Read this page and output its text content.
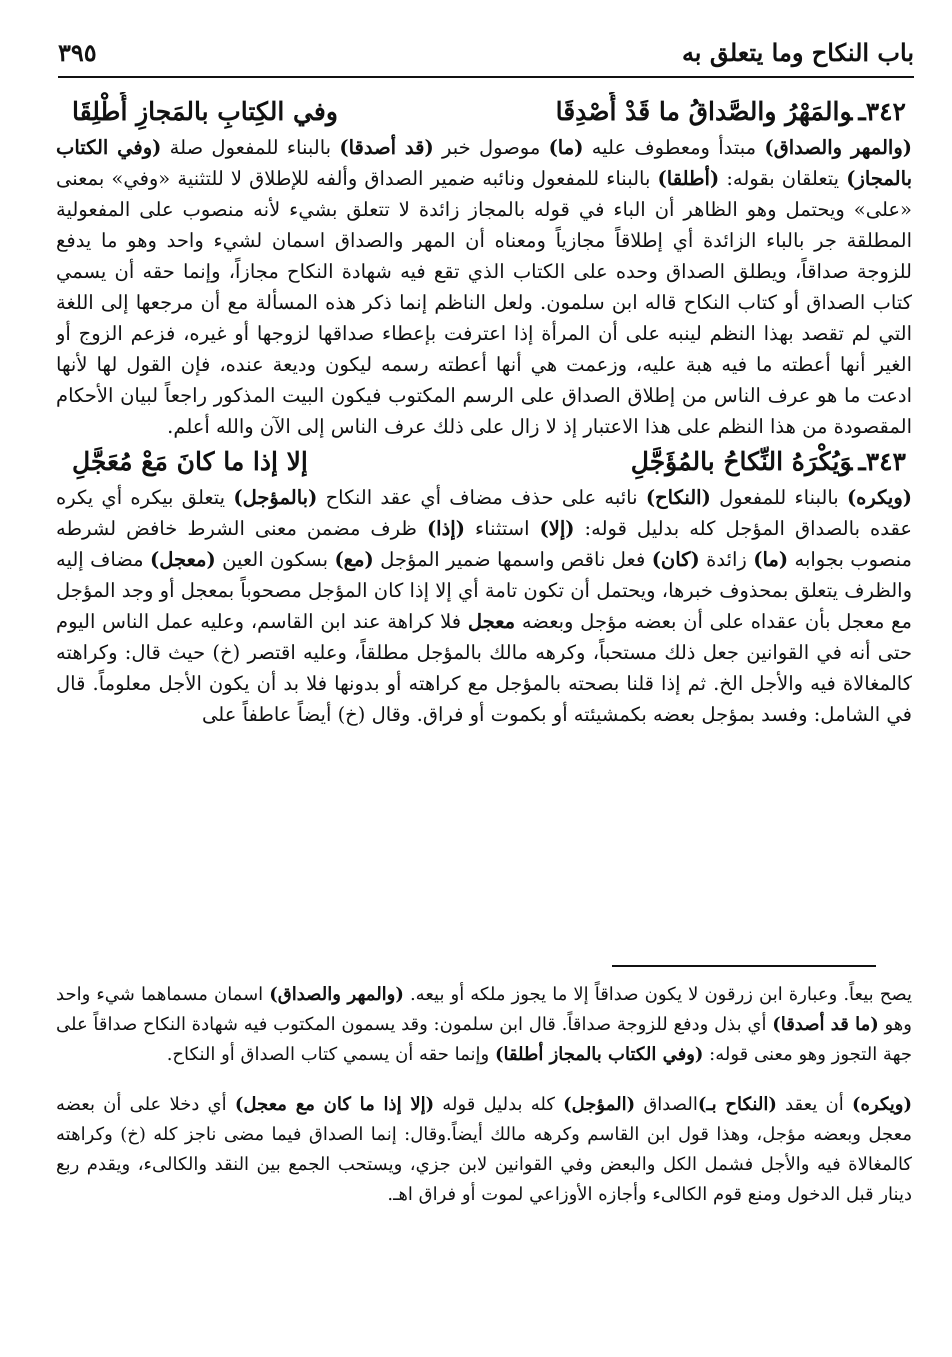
باب النكاح وما يتعلق به
٣٩٥
٣٤٢ـوالمَهْرُ والصَّداقُ ما قَدْ أُصْدِقَا
وفي الكِتابِ بالمَجازِ أُطْلِقَا

(والمهر والصداق) مبتدأ ومعطوف عليه (ما) موصول خبر (قد أصدقا) بالبناء للمفعول صلة (وفي الكتاب بالمجاز) يتعلقان بقوله: (أطلقا) بالبناء للمفعول ونائبه ضمير الصداق وألفه للإطلاق لا للتثنية «وفي» بمعنى «على» ويحتمل وهو الظاهر أن الباء في قوله بالمجاز زائدة لا تتعلق بشيء لأنه منصوب على المفعولية المطلقة جر بالباء الزائدة أي إطلاقاً مجازياً ومعناه أن المهر والصداق اسمان لشيء واحد وهو ما يدفع للزوجة صداقاً، ويطلق الصداق وحده على الكتاب الذي تقع فيه شهادة النكاح مجازاً، وإنما حقه أن يسمي كتاب الصداق أو كتاب النكاح قاله ابن سلمون. ولعل الناظم إنما ذكر هذه المسألة مع أن مرجعها إلى اللغة التي لم تقصد بهذا النظم لينبه على أن المرأة إذا اعترفت بإعطاء صداقها لزوجها أو غيره، فزعم الزوج أو الغير أنها أعطته ما فيه هبة عليه، وزعمت هي أنها أعطته رسمه ليكون وديعة عنده، فإن القول لها لأنها ادعت ما هو عرف الناس من إطلاق الصداق على الرسم المكتوب فيكون البيت المذكور راجعاً لبيان الأحكام المقصودة من هذا النظم على هذا الاعتبار إذ لا زال على ذلك عرف الناس إلى الآن والله أعلم.

٣٤٣ـوَيُكْرَهُ النِّكاحُ بالمُؤَجَّلِ
إلا إذا ما كانَ مَعْ مُعَجَّلِ

(ويكره) بالبناء للمفعول (النكاح) نائبه على حذف مضاف أي عقد النكاح (بالمؤجل) يتعلق بيكره أي يكره عقده بالصداق المؤجل كله بدليل قوله: (إلا) استثناء (إذا) ظرف مضمن معنى الشرط خافض لشرطه منصوب بجوابه (ما) زائدة (كان) فعل ناقص واسمها ضمير المؤجل (مع) بسكون العين (معجل) مضاف إليه والظرف يتعلق بمحذوف خبرها، ويحتمل أن تكون تامة أي إلا إذا كان المؤجل مصحوباً بمعجل أو وجد المؤجل مع معجل بأن عقداه على أن بعضه مؤجل وبعضه معجل فلا كراهة عند ابن القاسم، وعليه عمل الناس اليوم حتى أنه في القوانين جعل ذلك مستحباً، وكرهه مالك بالمؤجل مطلقاً، وعليه اقتصر (خ) حيث قال: وكراهته كالمغالاة فيه والأجل الخ. ثم إذا قلنا بصحته بالمؤجل مع كراهته أو بدونها فلا بد أن يكون الأجل معلوماً. قال في الشامل: وفسد بمؤجل بعضه بكمشيئته أو بكموت أو فراق. وقال (خ) أيضاً عاطفاً على

يصح بيعاً. وعبارة ابن زرقون لا يكون صداقاً إلا ما يجوز ملكه أو بيعه. (والمهر والصداق) اسمان مسماهما شيء واحد وهو (ما قد أصدقا) أي بذل ودفع للزوجة صداقاً. قال ابن سلمون: وقد يسمون المكتوب فيه شهادة النكاح صداقاً على جهة التجوز وهو معنى قوله: (وفي الكتاب بالمجاز أطلقا) وإنما حقه أن يسمي كتاب الصداق أو النكاح.

(ويكره) أن يعقد (النكاح بـ)الصداق (المؤجل) كله بدليل قوله (إلا إذا ما كان مع معجل) أي دخلا على أن بعضه معجل وبعضه مؤجل، وهذا قول ابن القاسم وكرهه مالك أيضاً.وقال: إنما الصداق فيما مضى ناجز كله (خ) وكراهته كالمغالاة فيه والأجل فشمل الكل والبعض وفي القوانين لابن جزي، ويستحب الجمع بين النقد والكالىء، ويقدم ربع دينار قبل الدخول ومنع قوم الكالىء وأجازه الأوزاعي لموت أو فراق اهـ.
